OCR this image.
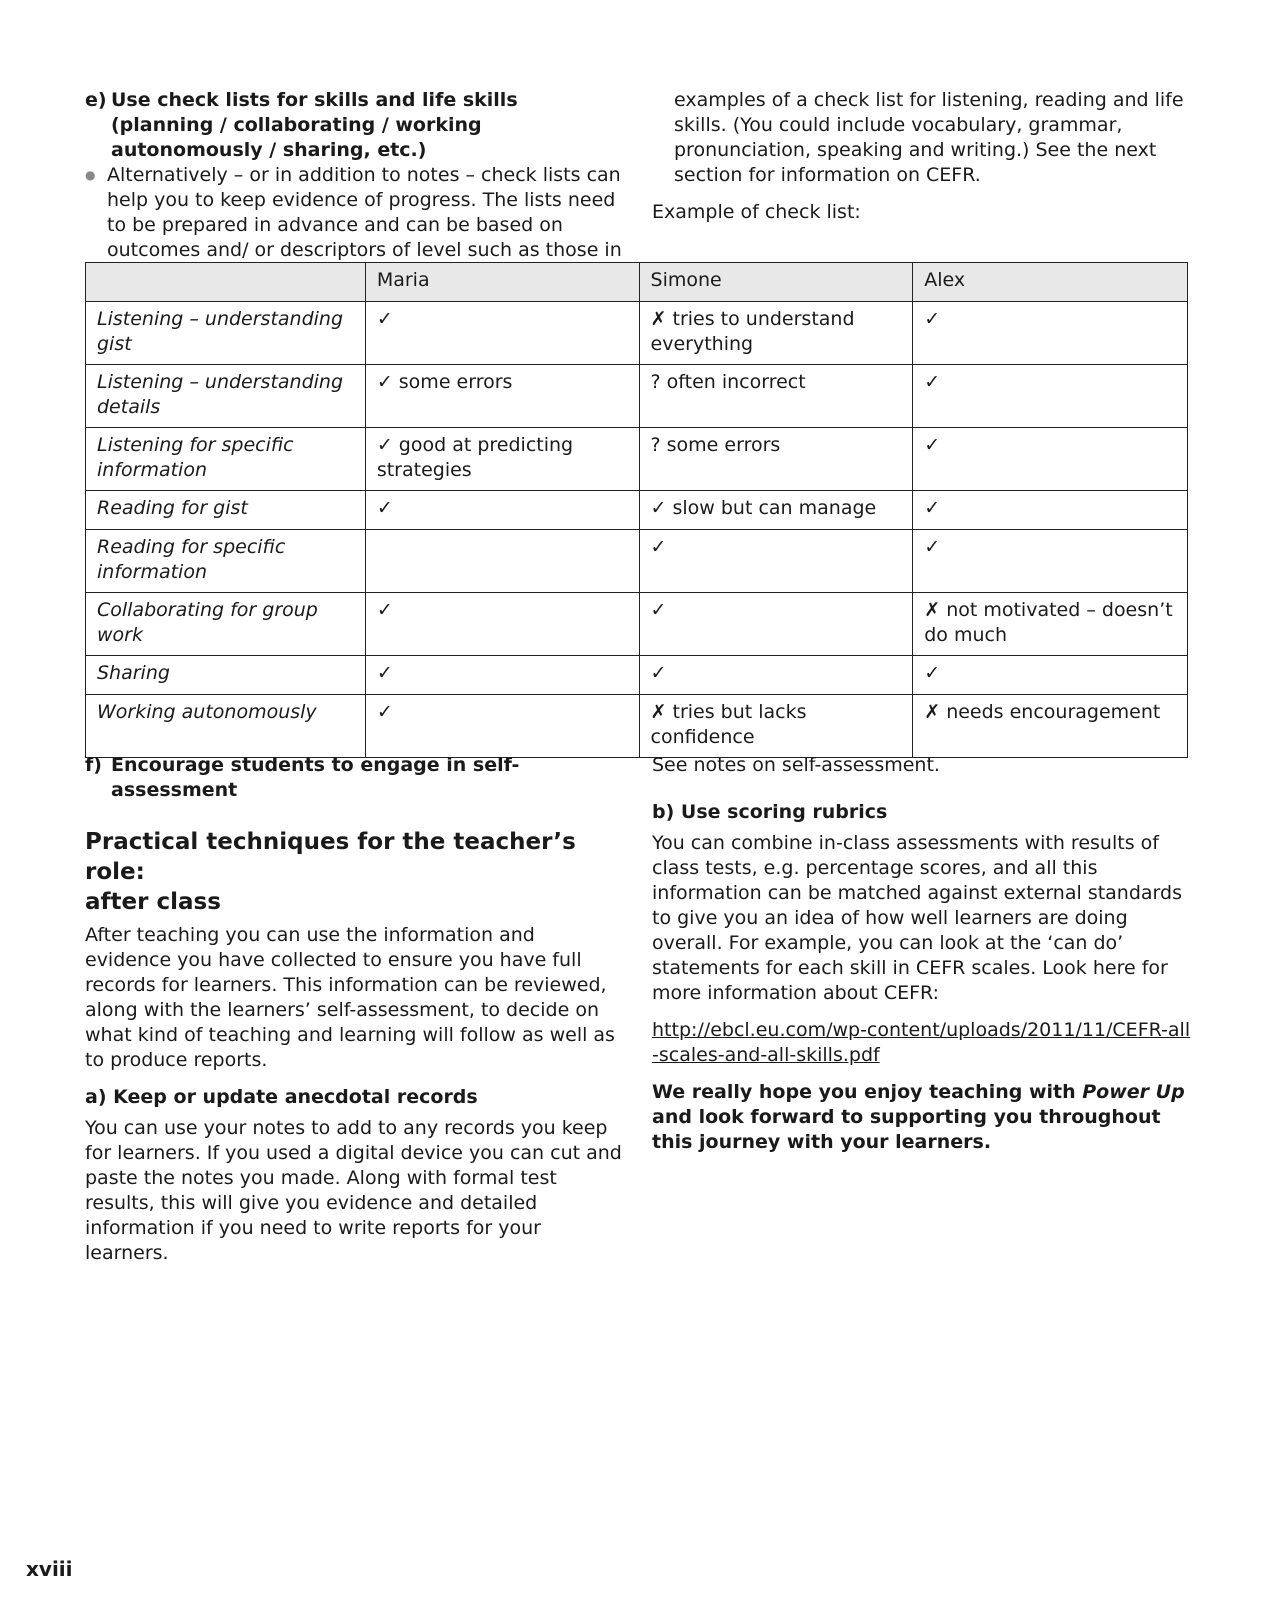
e) Use check lists for skills and life skills (planning / collaborating / working autonomously / sharing, etc.)
● Alternatively – or in addition to notes – check lists can help you to keep evidence of progress. The lists need to be prepared in advance and can be based on outcomes and/ or descriptors of level such as those in

examples of a check list for listening, reading and life skills. (You could include vocabulary, grammar, pronunciation, speaking and writing.) See the next section for information on CEFR.

Example of check list:

	Maria	Simone	Alex
Listening – understanding gist	✓	✗ tries to understand everything	✓
Listening – understanding details	✓ some errors	? often incorrect	✓
Listening for specific information	✓ good at predicting strategies	? some errors	✓
Reading for gist	✓	✓ slow but can manage	✓
Reading for specific information		✓	✓
Collaborating for group work	✓	✓	✗ not motivated – doesn’t do much
Sharing	✓	✓	✓
Working autonomously	✓	✗ tries but lacks confidence	✗ needs encouragement
f) Encourage students to engage in self-assessment
Practical techniques for the teacher’s role:
after class

After teaching you can use the information and evidence you have collected to ensure you have full records for learners. This information can be reviewed, along with the learners’ self-assessment, to decide on what kind of teaching and learning will follow as well as to produce reports.

a) Keep or update anecdotal records

You can use your notes to add to any records you keep for learners. If you used a digital device you can cut and paste the notes you made. Along with formal test results, this will give you evidence and detailed information if you need to write reports for your learners.

See notes on self-assessment.

b) Use scoring rubrics

You can combine in-class assessments with results of class tests, e.g. percentage scores, and all this information can be matched against external standards to give you an idea of how well learners are doing overall. For example, you can look at the ‘can do’ statements for each skill in CEFR scales. Look here for more information about CEFR:

http://ebcl.eu.com/wp-content/uploads/2011/11/CEFR-all-scales-and-all-skills.pdf

We really hope you enjoy teaching with Power Up and look forward to supporting you throughout this journey with your learners.

xviii
